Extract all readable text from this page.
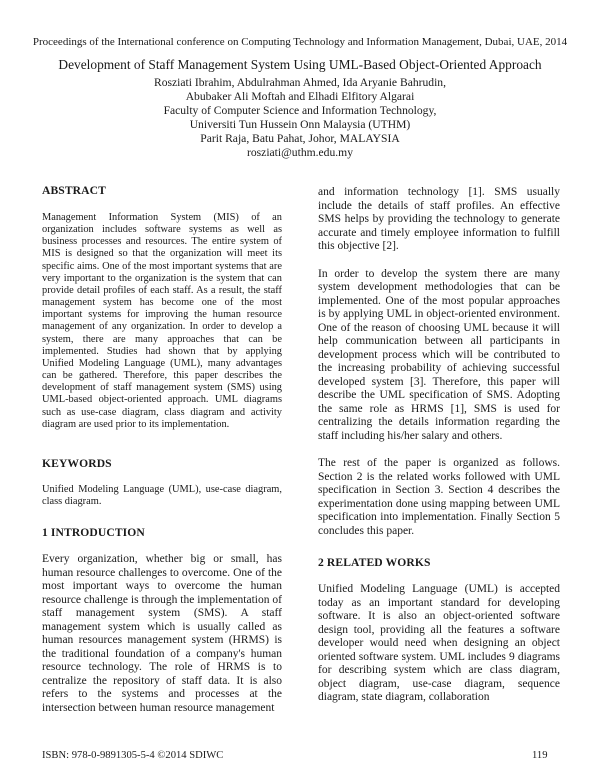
Proceedings of the International conference on Computing Technology and Information Management, Dubai, UAE, 2014
Development of Staff Management System Using UML-Based Object-Oriented Approach
Rosziati Ibrahim, Abdulrahman Ahmed, Ida Aryanie Bahrudin,
Abubaker Ali Moftah and Elhadi Elfitory Algarai
Faculty of Computer Science and Information Technology,
Universiti Tun Hussein Onn Malaysia (UTHM)
Parit Raja, Batu Pahat, Johor, MALAYSIA
rosziati@uthm.edu.my
ABSTRACT

Management Information System (MIS) of an organization includes software systems as well as business processes and resources. The entire system of MIS is designed so that the organization will meet its specific aims. One of the most important systems that are very important to the organization is the system that can provide detail profiles of each staff. As a result, the staff management system has become one of the most important systems for improving the human resource management of any organization. In order to develop a system, there are many approaches that can be implemented. Studies had shown that by applying Unified Modeling Language (UML), many advantages can be gathered. Therefore, this paper describes the development of staff management system (SMS) using UML-based object-oriented approach. UML diagrams such as use-case diagram, class diagram and activity diagram are used prior to its implementation.

KEYWORDS

Unified Modeling Language (UML), use-case diagram, class diagram.

1 INTRODUCTION

Every organization, whether big or small, has human resource challenges to overcome. One of the most important ways to overcome the human resource challenge is through the implementation of staff management system (SMS). A staff management system which is usually called as human resources management system (HRMS) is the traditional foundation of a company's human resource technology. The role of HRMS is to centralize the repository of staff data. It is also refers to the systems and processes at the intersection between human resource management

and information technology [1]. SMS usually include the details of staff profiles. An effective SMS helps by providing the technology to generate accurate and timely employee information to fulfill this objective [2].

In order to develop the system there are many system development methodologies that can be implemented. One of the most popular approaches is by applying UML in object-oriented environment. One of the reason of choosing UML because it will help communication between all participants in development process which will be contributed to the increasing probability of achieving successful developed system [3]. Therefore, this paper will describe the UML specification of SMS. Adopting the same role as HRMS [1], SMS is used for centralizing the details information regarding the staff including his/her salary and others.

The rest of the paper is organized as follows. Section 2 is the related works followed with UML specification in Section 3. Section 4 describes the experimentation done using mapping between UML specification into implementation. Finally Section 5 concludes this paper.

2 RELATED WORKS

Unified Modeling Language (UML) is accepted today as an important standard for developing software. It is also an object-oriented software design tool, providing all the features a software developer would need when designing an object oriented software system. UML includes 9 diagrams for describing system which are class diagram, object diagram, use-case diagram, sequence diagram, state diagram, collaboration

ISBN: 978-0-9891305-5-4 ©2014 SDIWC	119
